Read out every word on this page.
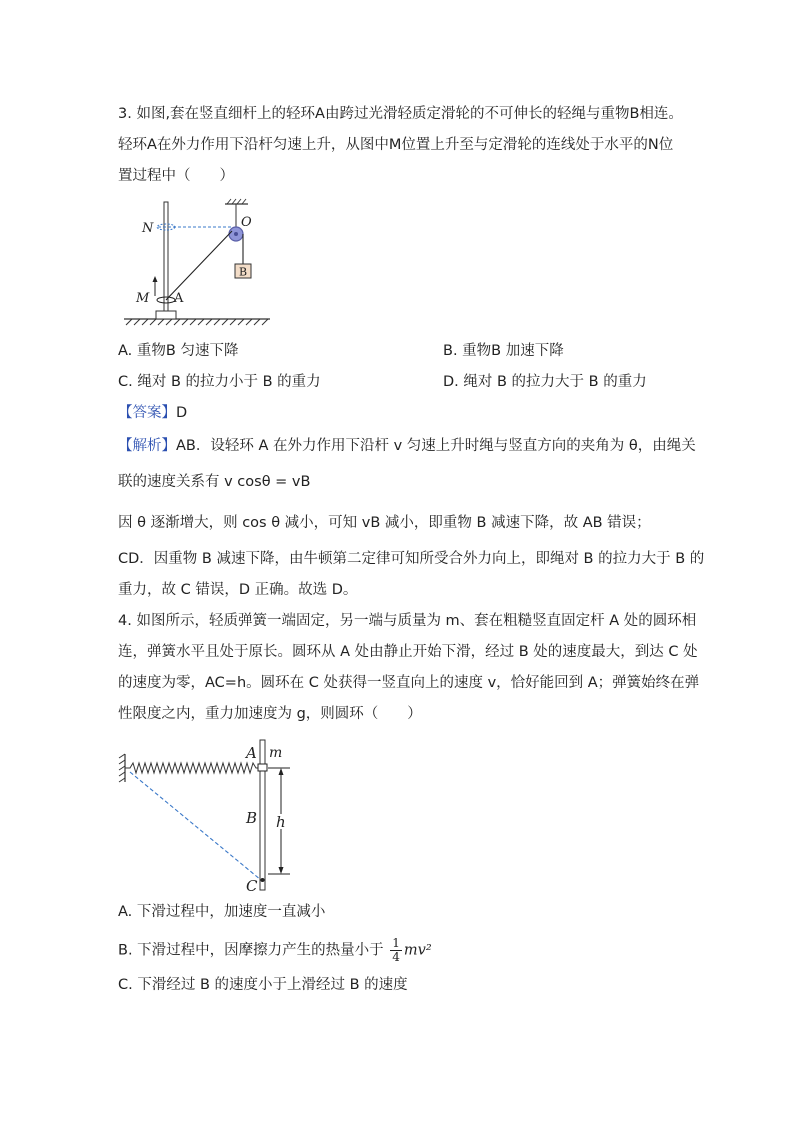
3. 如图,套在竖直细杆上的轻环A由跨过光滑轻质定滑轮的不可伸长的轻绳与重物B相连。
轻环A在外力作用下沿杆匀速上升，从图中M位置上升至与定滑轮的连线处于水平的N位
置过程中（　　）
B
N	O
M A
A. 重物B 匀速下降	B. 重物B 加速下降
C. 绳对 B 的拉力小于 B 的重力	D. 绳对 B 的拉力大于 B 的重力
【答案】D
【解析】AB．设轻环 A 在外力作用下沿杆 v 匀速上升时绳与竖直方向的夹角为 θ，由绳关
联的速度关系有 v cosθ = vB
因 θ 逐渐增大，则 cos θ 减小，可知 vB 减小，即重物 B 减速下降，故 AB 错误；
CD．因重物 B 减速下降，由牛顿第二定律可知所受合外力向上，即绳对 B 的拉力大于 B 的
重力，故 C 错误，D 正确。故选 D。
4. 如图所示，轻质弹簧一端固定，另一端与质量为 m、套在粗糙竖直固定杆 A 处的圆环相
连，弹簧水平且处于原长。圆环从 A 处由静止开始下滑，经过 B 处的速度最大，到达 C 处
的速度为零，AC=h。圆环在 C 处获得一竖直向上的速度 v，恰好能回到 A；弹簧始终在弹
性限度之内，重力加速度为 g，则圆环（　　）
A m
B h
C
A. 下滑过程中，加速度一直减小
B. 下滑过程中，因摩擦力产生的热量小于 $\frac{1}{4} mv^2$
C. 下滑经过 B 的速度小于上滑经过 B 的速度
